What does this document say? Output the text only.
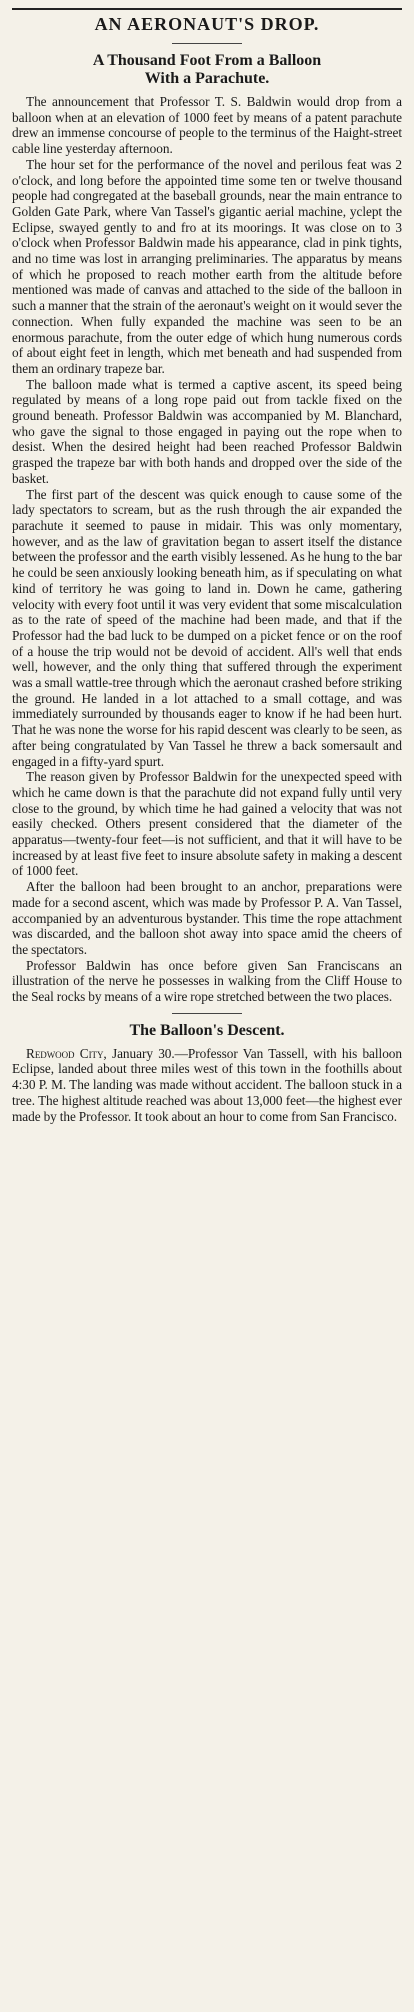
AN AERONAUT'S DROP.
A Thousand Foot From a Balloon
With a Parachute.

The announcement that Professor T. S. Baldwin would drop from a balloon when at an elevation of 1000 feet by means of a patent parachute drew an immense concourse of people to the terminus of the Haight-street cable line yesterday afternoon.

The hour set for the performance of the novel and perilous feat was 2 o'clock, and long before the appointed time some ten or twelve thousand people had congregated at the baseball grounds, near the main entrance to Golden Gate Park, where Van Tassel's gigantic aerial machine, yclept the Eclipse, swayed gently to and fro at its moorings. It was close on to 3 o'clock when Professor Baldwin made his appearance, clad in pink tights, and no time was lost in arranging preliminaries. The apparatus by means of which he proposed to reach mother earth from the altitude before mentioned was made of canvas and attached to the side of the balloon in such a manner that the strain of the aeronaut's weight on it would sever the connection. When fully expanded the machine was seen to be an enormous parachute, from the outer edge of which hung numerous cords of about eight feet in length, which met beneath and had suspended from them an ordinary trapeze bar.

The balloon made what is termed a captive ascent, its speed being regulated by means of a long rope paid out from tackle fixed on the ground beneath. Professor Baldwin was accompanied by M. Blanchard, who gave the signal to those engaged in paying out the rope when to desist. When the desired height had been reached Professor Baldwin grasped the trapeze bar with both hands and dropped over the side of the basket.

The first part of the descent was quick enough to cause some of the lady spectators to scream, but as the rush through the air expanded the parachute it seemed to pause in midair. This was only momentary, however, and as the law of gravitation began to assert itself the distance between the professor and the earth visibly lessened. As he hung to the bar he could be seen anxiously looking beneath him, as if speculating on what kind of territory he was going to land in. Down he came, gathering velocity with every foot until it was very evident that some miscalculation as to the rate of speed of the machine had been made, and that if the Professor had the bad luck to be dumped on a picket fence or on the roof of a house the trip would not be devoid of accident. All's well that ends well, however, and the only thing that suffered through the experiment was a small wattle-tree through which the aeronaut crashed before striking the ground. He landed in a lot attached to a small cottage, and was immediately surrounded by thousands eager to know if he had been hurt. That he was none the worse for his rapid descent was clearly to be seen, as after being congratulated by Van Tassel he threw a back somersault and engaged in a fifty-yard spurt.

The reason given by Professor Baldwin for the unexpected speed with which he came down is that the parachute did not expand fully until very close to the ground, by which time he had gained a velocity that was not easily checked. Others present considered that the diameter of the apparatus—twenty-four feet—is not sufficient, and that it will have to be increased by at least five feet to insure absolute safety in making a descent of 1000 feet.

After the balloon had been brought to an anchor, preparations were made for a second ascent, which was made by Professor P. A. Van Tassel, accompanied by an adventurous bystander. This time the rope attachment was discarded, and the balloon shot away into space amid the cheers of the spectators.

Professor Baldwin has once before given San Franciscans an illustration of the nerve he possesses in walking from the Cliff House to the Seal rocks by means of a wire rope stretched between the two places.

The Balloon's Descent.

Redwood City, January 30.—Professor Van Tassell, with his balloon Eclipse, landed about three miles west of this town in the foothills about 4:30 P. M. The landing was made without accident. The balloon stuck in a tree. The highest altitude reached was about 13,000 feet—the highest ever made by the Professor. It took about an hour to come from San Francisco.
